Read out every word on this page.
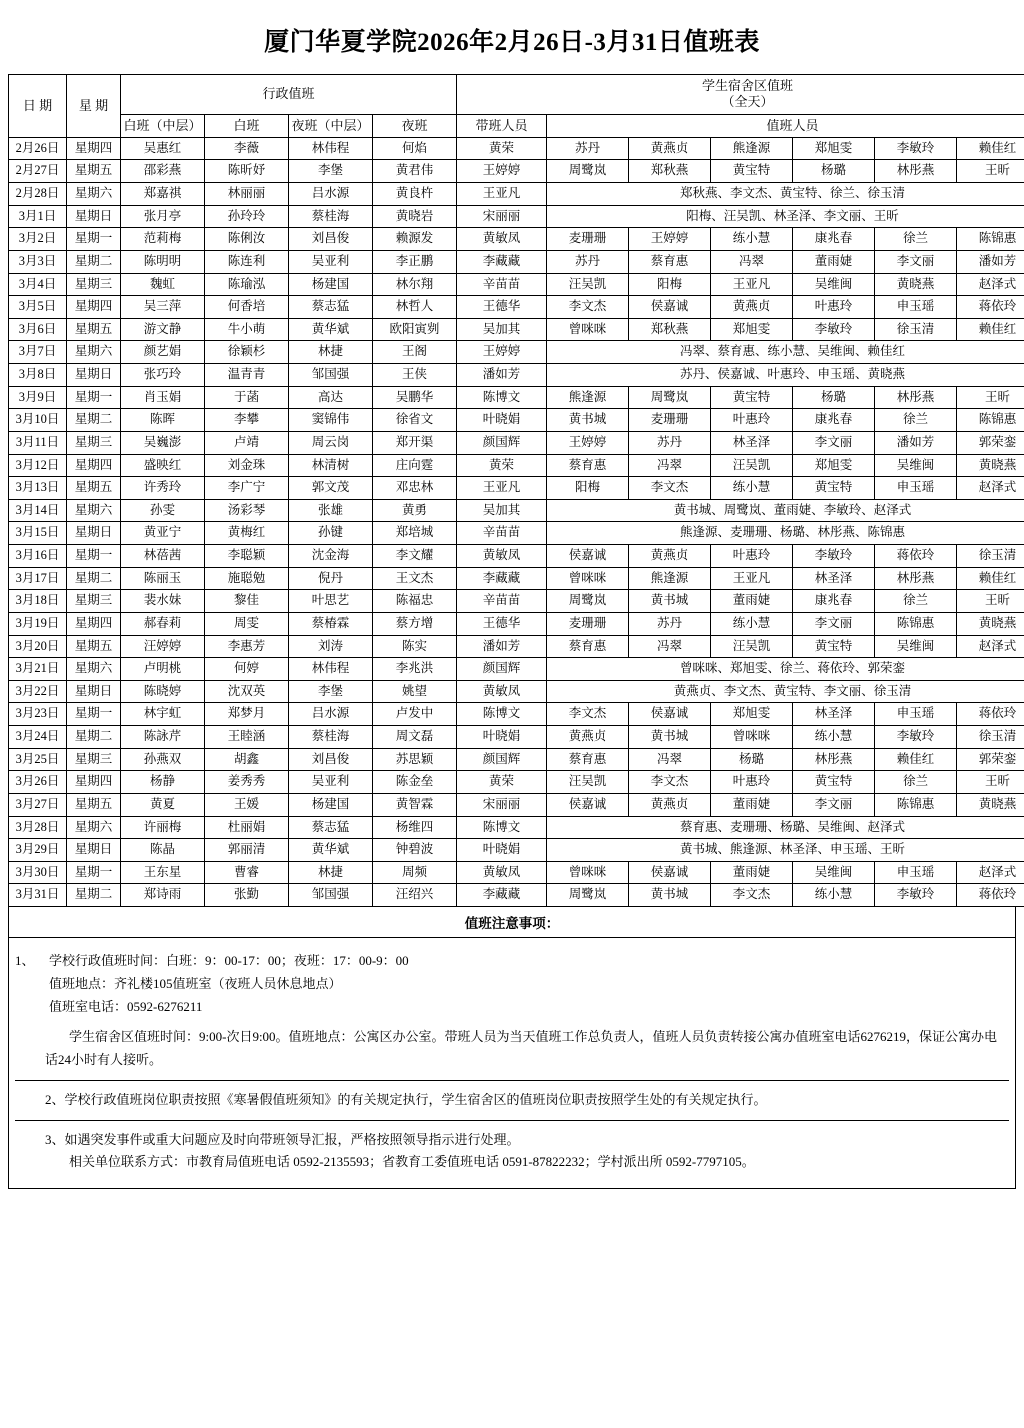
厦门华夏学院2026年2月26日-3月31日值班表
日 期	星 期	行政值班				学生宿舍区值班
（全天）						

		白班（中层）	白班	夜班（中层）	夜班	带班人员	值班人员					
2月26日	星期四	吴惠红	李薇	林伟程	何焰	黄荣	苏丹	黄燕贞	熊逢源	郑旭雯	李敏玲	赖佳红
2月27日	星期五	邵彩燕	陈昕妤	李堡	黄君伟	王婷婷	周鹭岚	郑秋燕	黄宝特	杨璐	林彤燕	王昕
2月28日	星期六	郑嘉祺	林丽丽	吕水源	黄良杵	王亚凡	郑秋燕、李文杰、黄宝特、徐兰、徐玉清					
3月1日	星期日	张月亭	孙玲玲	蔡桂海	黄晓岩	宋丽丽	阳梅、汪吴凯、林圣泽、李文丽、王昕					
3月2日	星期一	范莉梅	陈俐汝	刘昌俊	赖源发	黄敏凤	麦珊珊	王婷婷	练小慧	康兆春	徐兰	陈锦惠
3月3日	星期二	陈明明	陈连利	吴亚利	李正鹏	李藏藏	苏丹	蔡育惠	冯翠	董雨婕	李文丽	潘如芳
3月4日	星期三	魏虹	陈瑜泓	杨建国	林尔翔	辛苗苗	汪吴凯	阳梅	王亚凡	吴维闽	黄晓燕	赵泽式
3月5日	星期四	吴三萍	何香培	蔡志猛	林哲人	王德华	李文杰	侯嘉诚	黄燕贞	叶惠玲	申玉瑶	蒋依玲
3月6日	星期五	游文静	牛小萌	黄华斌	欧阳寅刿	吴加其	曾咪咪	郑秋燕	郑旭雯	李敏玲	徐玉清	赖佳红
3月7日	星期六	颜艺娟	徐颖杉	林捷	王阁	王婷婷	冯翠、蔡育惠、练小慧、吴维闽、赖佳红					
3月8日	星期日	张巧玲	温青青	邹国强	王侠	潘如芳	苏丹、侯嘉诚、叶惠玲、申玉瑶、黄晓燕					
3月9日	星期一	肖玉娟	于菡	高达	吴鹏华	陈博文	熊逢源	周鹭岚	黄宝特	杨璐	林彤燕	王昕
3月10日	星期二	陈晖	李攀	窦锦伟	徐省文	叶晓娟	黄书城	麦珊珊	叶惠玲	康兆春	徐兰	陈锦惠
3月11日	星期三	吴巍澎	卢靖	周云岗	郑开渠	颜国辉	王婷婷	苏丹	林圣泽	李文丽	潘如芳	郭荣銮
3月12日	星期四	盛映红	刘金珠	林清树	庄向霆	黄荣	蔡育惠	冯翠	汪吴凯	郑旭雯	吴维闽	黄晓燕
3月13日	星期五	许秀玲	李广宁	郭文茂	邓忠林	王亚凡	阳梅	李文杰	练小慧	黄宝特	申玉瑶	赵泽式
3月14日	星期六	孙雯	汤彩琴	张雄	黄勇	吴加其	黄书城、周鹭岚、董雨婕、李敏玲、赵泽式					
3月15日	星期日	黄亚宁	黄梅红	孙键	郑培城	辛苗苗	熊逢源、麦珊珊、杨璐、林彤燕、陈锦惠					
3月16日	星期一	林蓓茜	李聪颖	沈金海	李文耀	黄敏凤	侯嘉诚	黄燕贞	叶惠玲	李敏玲	蒋依玲	徐玉清
3月17日	星期二	陈丽玉	施聪勉	倪丹	王文杰	李藏藏	曾咪咪	熊逢源	王亚凡	林圣泽	林彤燕	赖佳红
3月18日	星期三	裴水妹	黎佳	叶思艺	陈福忠	辛苗苗	周鹭岚	黄书城	董雨婕	康兆春	徐兰	王昕
3月19日	星期四	郝春莉	周雯	蔡椿霖	蔡方增	王德华	麦珊珊	苏丹	练小慧	李文丽	陈锦惠	黄晓燕
3月20日	星期五	汪婷婷	李惠芳	刘涛	陈实	潘如芳	蔡育惠	冯翠	汪吴凯	黄宝特	吴维闽	赵泽式
3月21日	星期六	卢明桃	何婷	林伟程	李兆洪	颜国辉	曾咪咪、郑旭雯、徐兰、蒋依玲、郭荣銮					
3月22日	星期日	陈晓婷	沈双英	李堡	姚望	黄敏凤	黄燕贞、李文杰、黄宝特、李文丽、徐玉清					
3月23日	星期一	林宇虹	郑梦月	吕水源	卢发中	陈博文	李文杰	侯嘉诚	郑旭雯	林圣泽	申玉瑶	蒋依玲
3月24日	星期二	陈詠芹	王睦涵	蔡桂海	周文磊	叶晓娟	黄燕贞	黄书城	曾咪咪	练小慧	李敏玲	徐玉清
3月25日	星期三	孙燕双	胡鑫	刘昌俊	苏思颖	颜国辉	蔡育惠	冯翠	杨璐	林彤燕	赖佳红	郭荣銮
3月26日	星期四	杨静	姜秀秀	吴亚利	陈金垒	黄荣	汪吴凯	李文杰	叶惠玲	黄宝特	徐兰	王昕
3月27日	星期五	黄夏	王媛	杨建国	黄智霖	宋丽丽	侯嘉诚	黄燕贞	董雨婕	李文丽	陈锦惠	黄晓燕
3月28日	星期六	许丽梅	杜丽娟	蔡志猛	杨维四	陈博文	蔡育惠、麦珊珊、杨璐、吴维闽、赵泽式					
3月29日	星期日	陈晶	郭丽清	黄华斌	钟碧波	叶晓娟	黄书城、熊逢源、林圣泽、申玉瑶、王昕					
3月30日	星期一	王东星	曹睿	林捷	周频	黄敏凤	曾咪咪	侯嘉诚	董雨婕	吴维闽	申玉瑶	赵泽式
3月31日	星期二	郑诗雨	张勤	邹国强	汪绍兴	李藏藏	周鹭岚	黄书城	李文杰	练小慧	李敏玲	蒋依玲
值班注意事项：
1、 学校行政值班时间：白班：9：00-17：00；夜班：17：00-9：00
值班地点：齐礼楼105值班室（夜班人员休息地点）
值班室电话：0592-6276211
学生宿舍区值班时间：9:00-次日9:00。值班地点：公寓区办公室。带班人员为当天值班工作总负责人，值班人员负责转接公寓办值班室电话6276219，保证公寓办电话24小时有人接听。
2、学校行政值班岗位职责按照《寒暑假值班须知》的有关规定执行，学生宿舍区的值班岗位职责按照学生处的有关规定执行。
3、如遇突发事件或重大问题应及时向带班领导汇报，严格按照领导指示进行处理。
相关单位联系方式：市教育局值班电话 0592-2135593；省教育工委值班电话 0591-87822232；学村派出所 0592-7797105。
